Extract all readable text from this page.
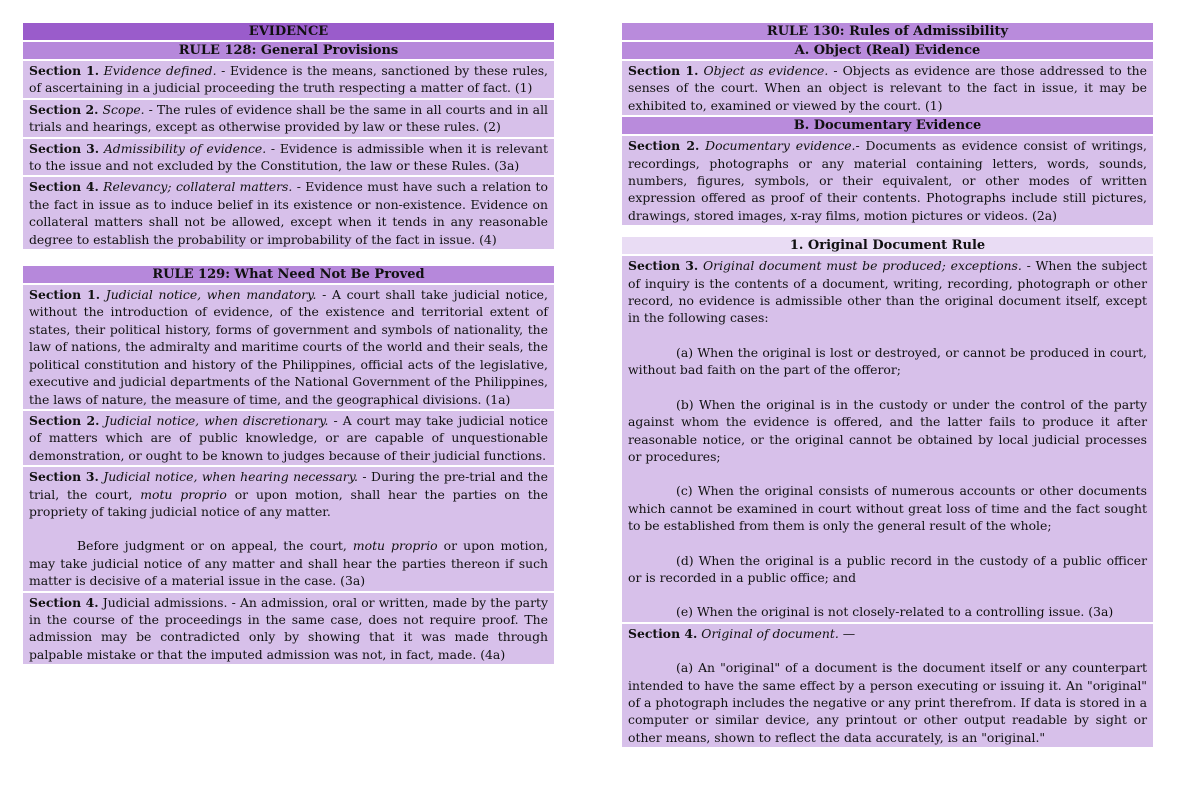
EVIDENCE
RULE 128: General Provisions
Section 1. Evidence defined. - Evidence is the means, sanctioned by these rules, of ascertaining in a judicial proceeding the truth respecting a matter of fact. (1)
Section 2. Scope. - The rules of evidence shall be the same in all courts and in all trials and hearings, except as otherwise provided by law or these rules. (2)
Section 3. Admissibility of evidence. - Evidence is admissible when it is relevant to the issue and not excluded by the Constitution, the law or these Rules. (3a)
Section 4. Relevancy; collateral matters. - Evidence must have such a relation to the fact in issue as to induce belief in its existence or non-existence. Evidence on collateral matters shall not be allowed, except when it tends in any reasonable degree to establish the probability or improbability of the fact in issue. (4)
RULE 129: What Need Not Be Proved
Section 1. Judicial notice, when mandatory. - A court shall take judicial notice, without the introduction of evidence, of the existence and territorial extent of states, their political history, forms of government and symbols of nationality, the law of nations, the admiralty and maritime courts of the world and their seals, the political constitution and history of the Philippines, official acts of the legislative, executive and judicial departments of the National Government of the Philippines, the laws of nature, the measure of time, and the geographical divisions. (1a)
Section 2. Judicial notice, when discretionary. - A court may take judicial notice of matters which are of public knowledge, or are capable of unquestionable demonstration, or ought to be known to judges because of their judicial functions.
Section 3. Judicial notice, when hearing necessary. - During the pre-trial and the trial, the court, motu proprio or upon motion, shall hear the parties on the propriety of taking judicial notice of any matter.
Before judgment or on appeal, the court, motu proprio or upon motion, may take judicial notice of any matter and shall hear the parties thereon if such matter is decisive of a material issue in the case. (3a)
Section 4. Judicial admissions. - An admission, oral or written, made by the party in the course of the proceedings in the same case, does not require proof. The admission may be contradicted only by showing that it was made through palpable mistake or that the imputed admission was not, in fact, made. (4a)
RULE 130: Rules of Admissibility
A. Object (Real) Evidence
Section 1. Object as evidence. - Objects as evidence are those addressed to the senses of the court. When an object is relevant to the fact in issue, it may be exhibited to, examined or viewed by the court. (1)
B. Documentary Evidence
Section 2. Documentary evidence.- Documents as evidence consist of writings, recordings, photographs or any material containing letters, words, sounds, numbers, figures, symbols, or their equivalent, or other modes of written expression offered as proof of their contents. Photographs include still pictures, drawings, stored images, x-ray films, motion pictures or videos. (2a)
1. Original Document Rule
Section 3. Original document must be produced; exceptions. - When the subject of inquiry is the contents of a document, writing, recording, photograph or other record, no evidence is admissible other than the original document itself, except in the following cases:
(a) When the original is lost or destroyed, or cannot be produced in court, without bad faith on the part of the offeror;
(b) When the original is in the custody or under the control of the party against whom the evidence is offered, and the latter fails to produce it after reasonable notice, or the original cannot be obtained by local judicial processes or procedures;
(c) When the original consists of numerous accounts or other documents which cannot be examined in court without great loss of time and the fact sought to be established from them is only the general result of the whole;
(d) When the original is a public record in the custody of a public officer or is recorded in a public office; and
(e) When the original is not closely-related to a controlling issue. (3a)
Section 4. Original of document. —
(a) An "original" of a document is the document itself or any counterpart intended to have the same effect by a person executing or issuing it. An "original" of a photograph includes the negative or any print therefrom. If data is stored in a computer or similar device, any printout or other output readable by sight or other means, shown to reflect the data accurately, is an "original."
